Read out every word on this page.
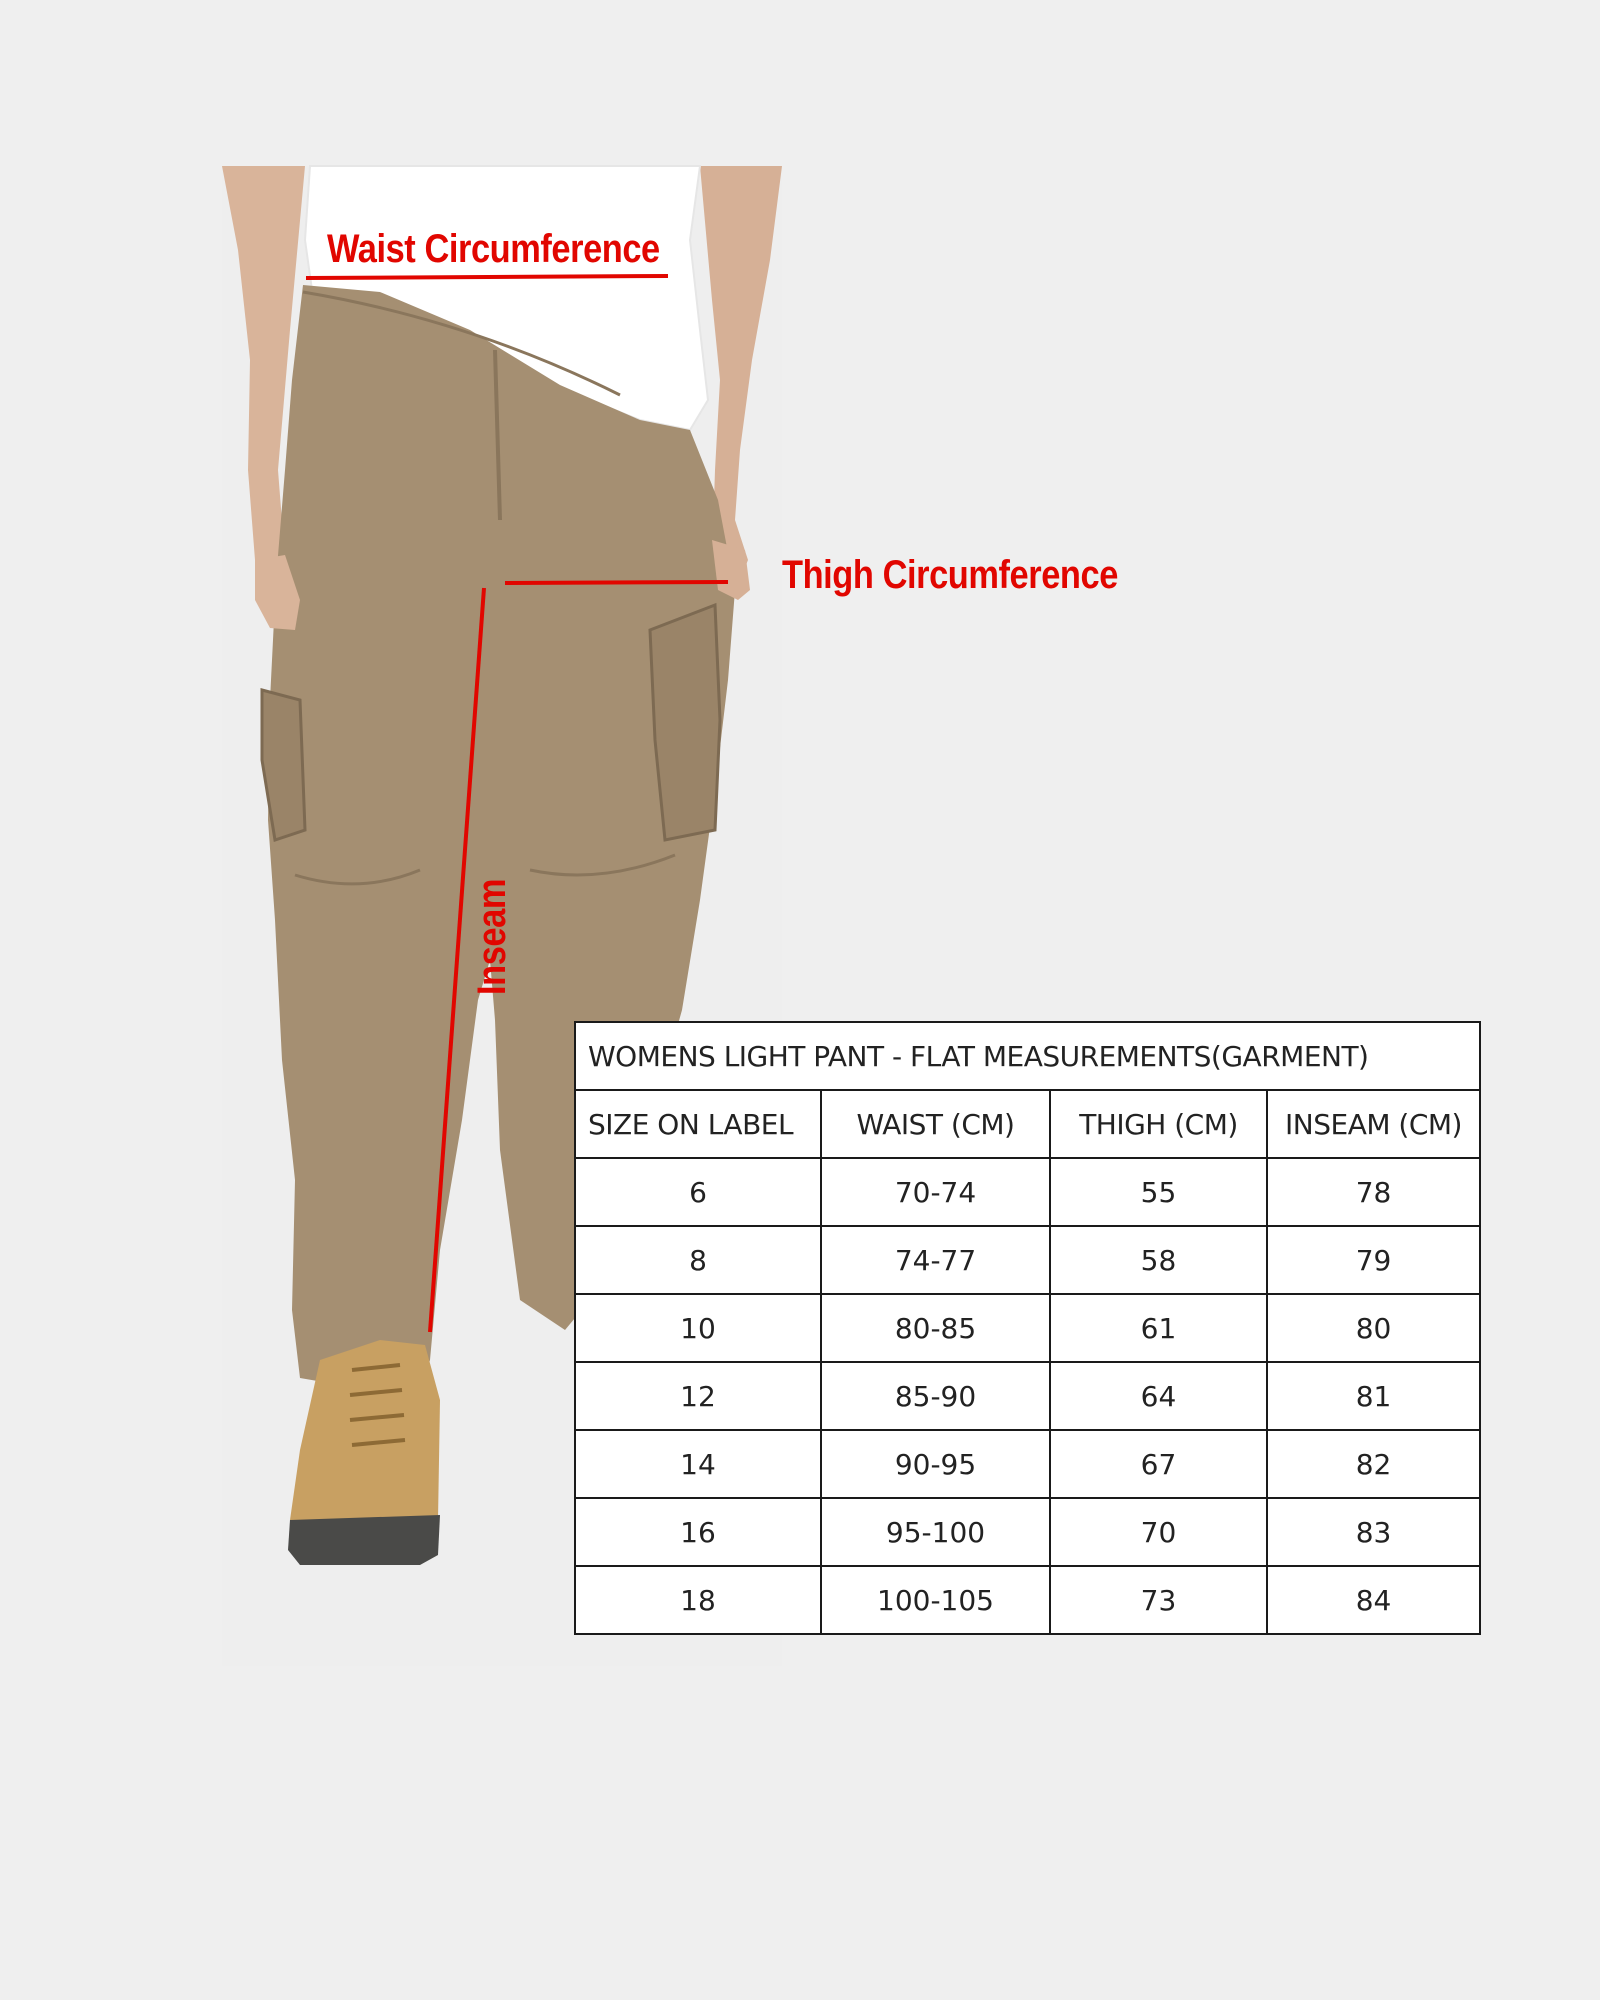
Waist Circumference
Thigh Circumference
Inseam
WOMENS LIGHT PANT - FLAT MEASUREMENTS(GARMENT)			
SIZE ON LABEL	WAIST (CM)	THIGH (CM)	INSEAM (CM)
6	70-74	55	78
8	74-77	58	79
10	80-85	61	80
12	85-90	64	81
14	90-95	67	82
16	95-100	70	83
18	100-105	73	84
